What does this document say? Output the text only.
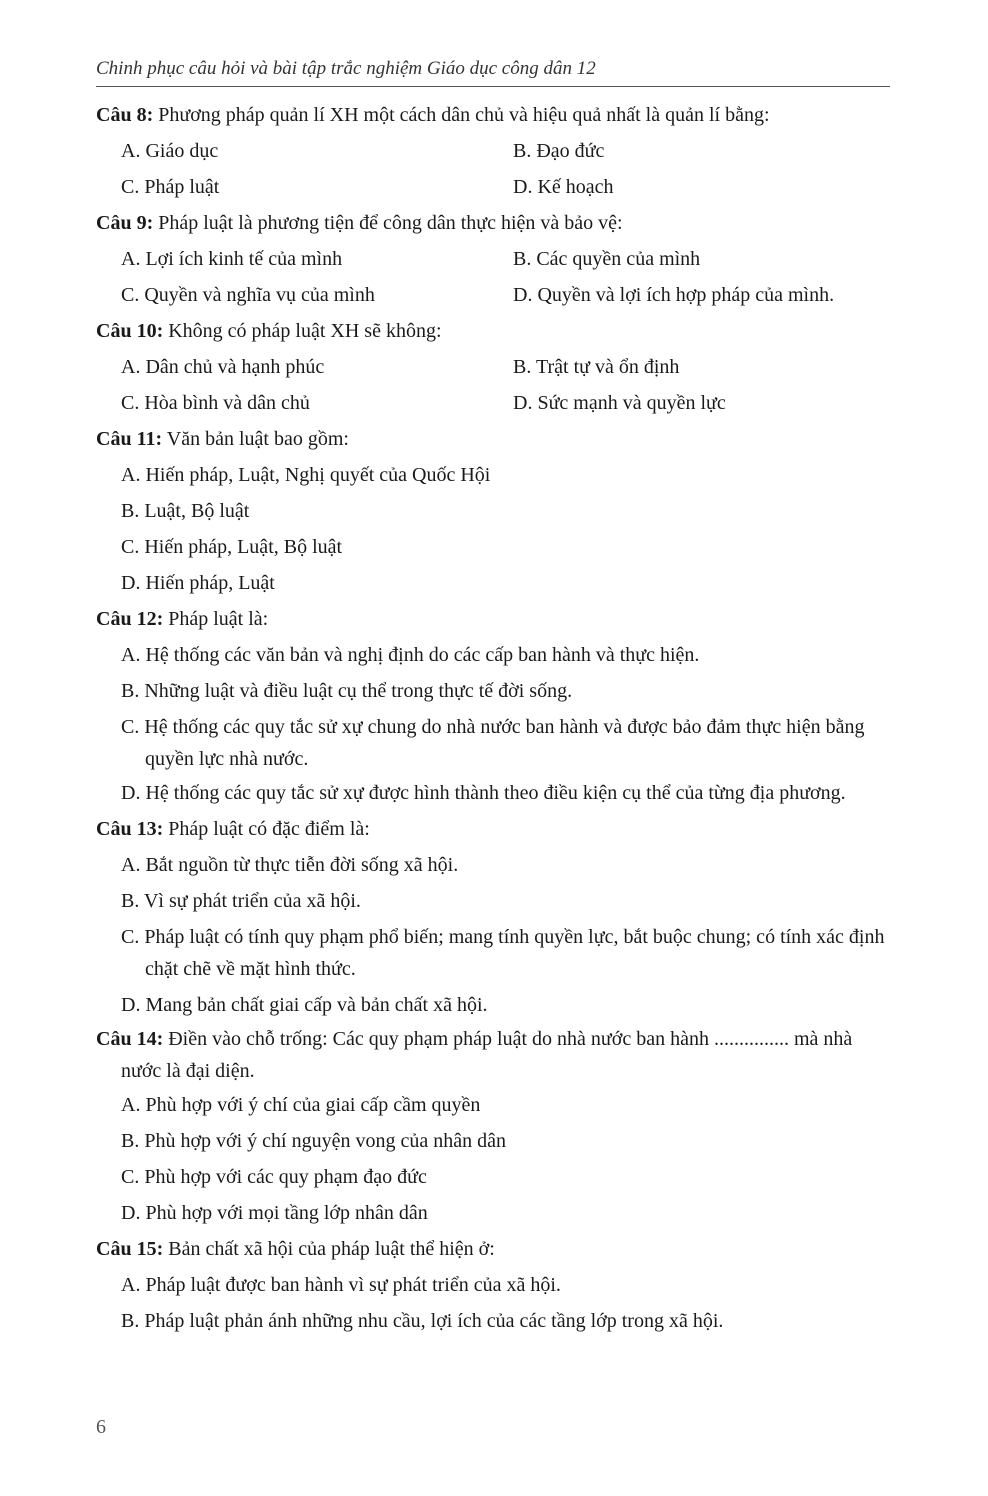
Chinh phục câu hỏi và bài tập trắc nghiệm Giáo dục công dân 12
Câu 8: Phương pháp quản lí XH một cách dân chủ và hiệu quả nhất là quản lí bằng:
A. Giáo dục	B. Đạo đức
C. Pháp luật	D. Kế hoạch
Câu 9: Pháp luật là phương tiện để công dân thực hiện và bảo vệ:
A. Lợi ích kinh tế của mình	B. Các quyền của mình
C. Quyền và nghĩa vụ của mình	D. Quyền và lợi ích hợp pháp của mình.
Câu 10: Không có pháp luật XH sẽ không:
A. Dân chủ và hạnh phúc	B. Trật tự và ổn định
C. Hòa bình và dân chủ	D. Sức mạnh và quyền lực
Câu 11: Văn bản luật bao gồm:
A. Hiến pháp, Luật, Nghị quyết của Quốc Hội
B. Luật, Bộ luật
C. Hiến pháp, Luật, Bộ luật
D. Hiến pháp, Luật
Câu 12: Pháp luật là:
A. Hệ thống các văn bản và nghị định do các cấp ban hành và thực hiện.
B. Những luật và điều luật cụ thể trong thực tế đời sống.
C. Hệ thống các quy tắc sử xự chung do nhà nước ban hành và được bảo đảm thực hiện bằng quyền lực nhà nước.
D. Hệ thống các quy tắc sử xự được hình thành theo điều kiện cụ thể của từng địa phương.
Câu 13: Pháp luật có đặc điểm là:
A. Bắt nguồn từ thực tiễn đời sống xã hội.
B. Vì sự phát triển của xã hội.
C. Pháp luật có tính quy phạm phổ biến; mang tính quyền lực, bắt buộc chung; có tính xác định chặt chẽ về mặt hình thức.
D. Mang bản chất giai cấp và bản chất xã hội.
Câu 14: Điền vào chỗ trống: Các quy phạm pháp luật do nhà nước ban hành ............... mà nhà nước là đại diện.
A. Phù hợp với ý chí của giai cấp cầm quyền
B. Phù hợp với ý chí nguyện vong của nhân dân
C. Phù hợp với các quy phạm đạo đức
D. Phù hợp với mọi tầng lớp nhân dân
Câu 15: Bản chất xã hội của pháp luật thể hiện ở:
A. Pháp luật được ban hành vì sự phát triển của xã hội.
B. Pháp luật phản ánh những nhu cầu, lợi ích của các tầng lớp trong xã hội.
6
